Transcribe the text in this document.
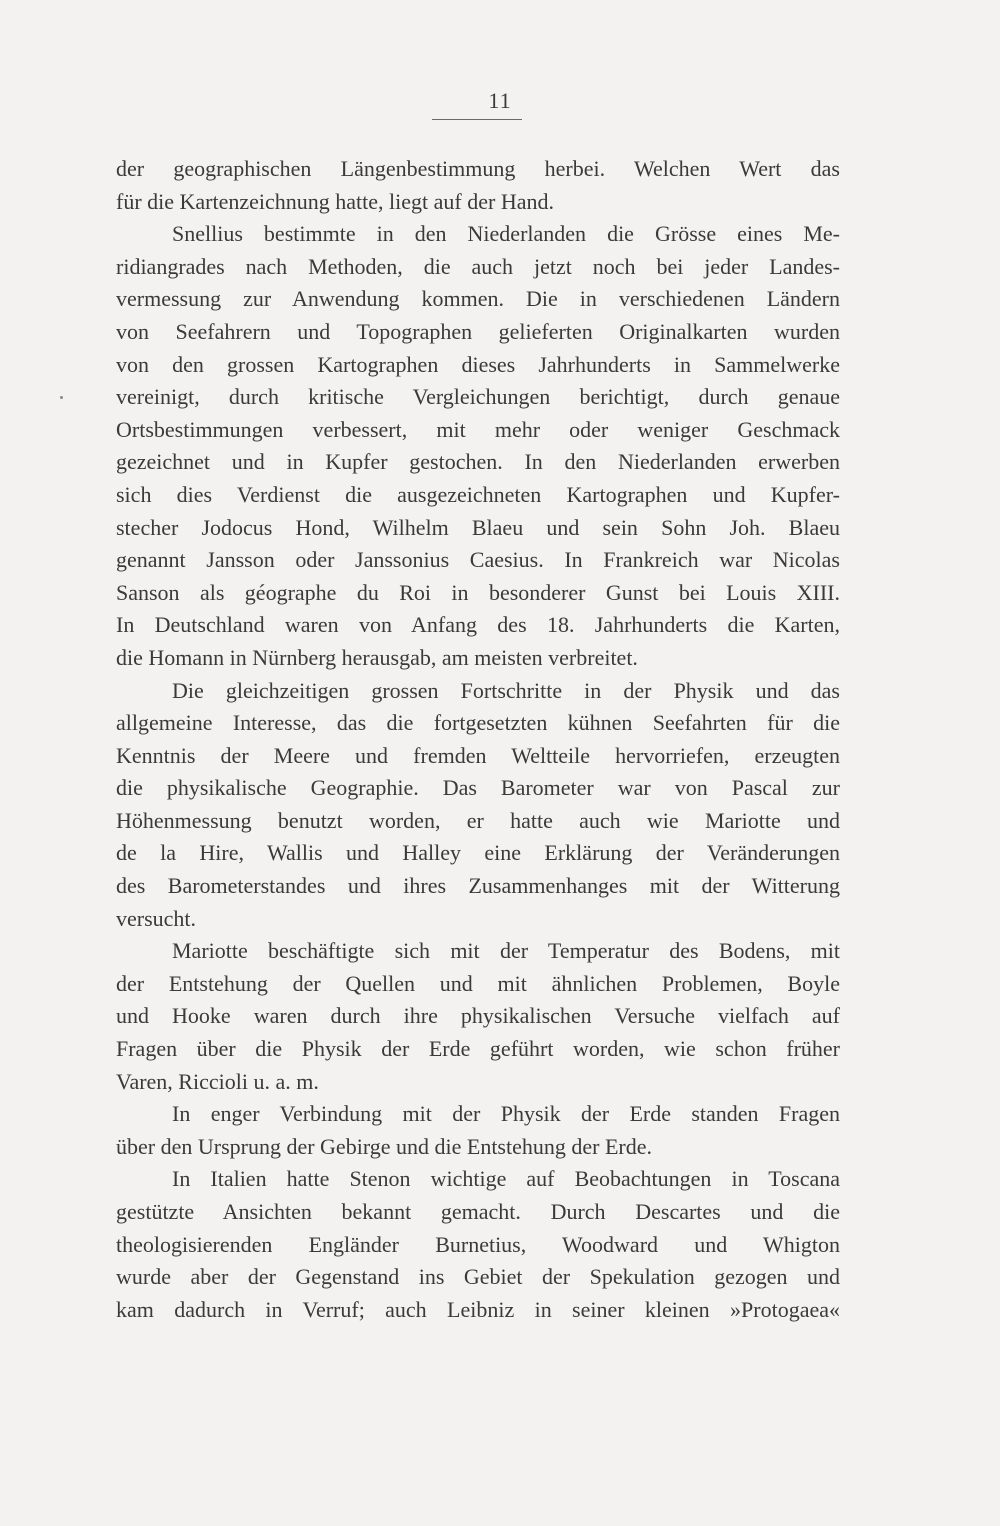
11
der geographischen Längenbestimmung herbei. Welchen Wert das
für die Kartenzeichnung hatte, liegt auf der Hand.
Snellius bestimmte in den Niederlanden die Grösse eines Me-
ridiangrades nach Methoden, die auch jetzt noch bei jeder Landes-
vermessung zur Anwendung kommen. Die in verschiedenen Ländern
von Seefahrern und Topographen gelieferten Originalkarten wurden
von den grossen Kartographen dieses Jahrhunderts in Sammelwerke
vereinigt, durch kritische Vergleichungen berichtigt, durch genaue
Ortsbestimmungen verbessert, mit mehr oder weniger Geschmack
gezeichnet und in Kupfer gestochen. In den Niederlanden erwerben
sich dies Verdienst die ausgezeichneten Kartographen und Kupfer-
stecher Jodocus Hond, Wilhelm Blaeu und sein Sohn Joh. Blaeu
genannt Jansson oder Janssonius Caesius. In Frankreich war Nicolas
Sanson als géographe du Roi in besonderer Gunst bei Louis XIII.
In Deutschland waren von Anfang des 18. Jahrhunderts die Karten,
die Homann in Nürnberg herausgab, am meisten verbreitet.
Die gleichzeitigen grossen Fortschritte in der Physik und das
allgemeine Interesse, das die fortgesetzten kühnen Seefahrten für die
Kenntnis der Meere und fremden Weltteile hervorriefen, erzeugten
die physikalische Geographie. Das Barometer war von Pascal zur
Höhenmessung benutzt worden, er hatte auch wie Mariotte und
de la Hire, Wallis und Halley eine Erklärung der Veränderungen
des Barometerstandes und ihres Zusammenhanges mit der Witterung
versucht.
Mariotte beschäftigte sich mit der Temperatur des Bodens, mit
der Entstehung der Quellen und mit ähnlichen Problemen, Boyle
und Hooke waren durch ihre physikalischen Versuche vielfach auf
Fragen über die Physik der Erde geführt worden, wie schon früher
Varen, Riccioli u. a. m.
In enger Verbindung mit der Physik der Erde standen Fragen
über den Ursprung der Gebirge und die Entstehung der Erde.
In Italien hatte Stenon wichtige auf Beobachtungen in Toscana
gestützte Ansichten bekannt gemacht. Durch Descartes und die
theologisierenden Engländer Burnetius, Woodward und Whigton
wurde aber der Gegenstand ins Gebiet der Spekulation gezogen und
kam dadurch in Verruf; auch Leibniz in seiner kleinen »Protogaea«
